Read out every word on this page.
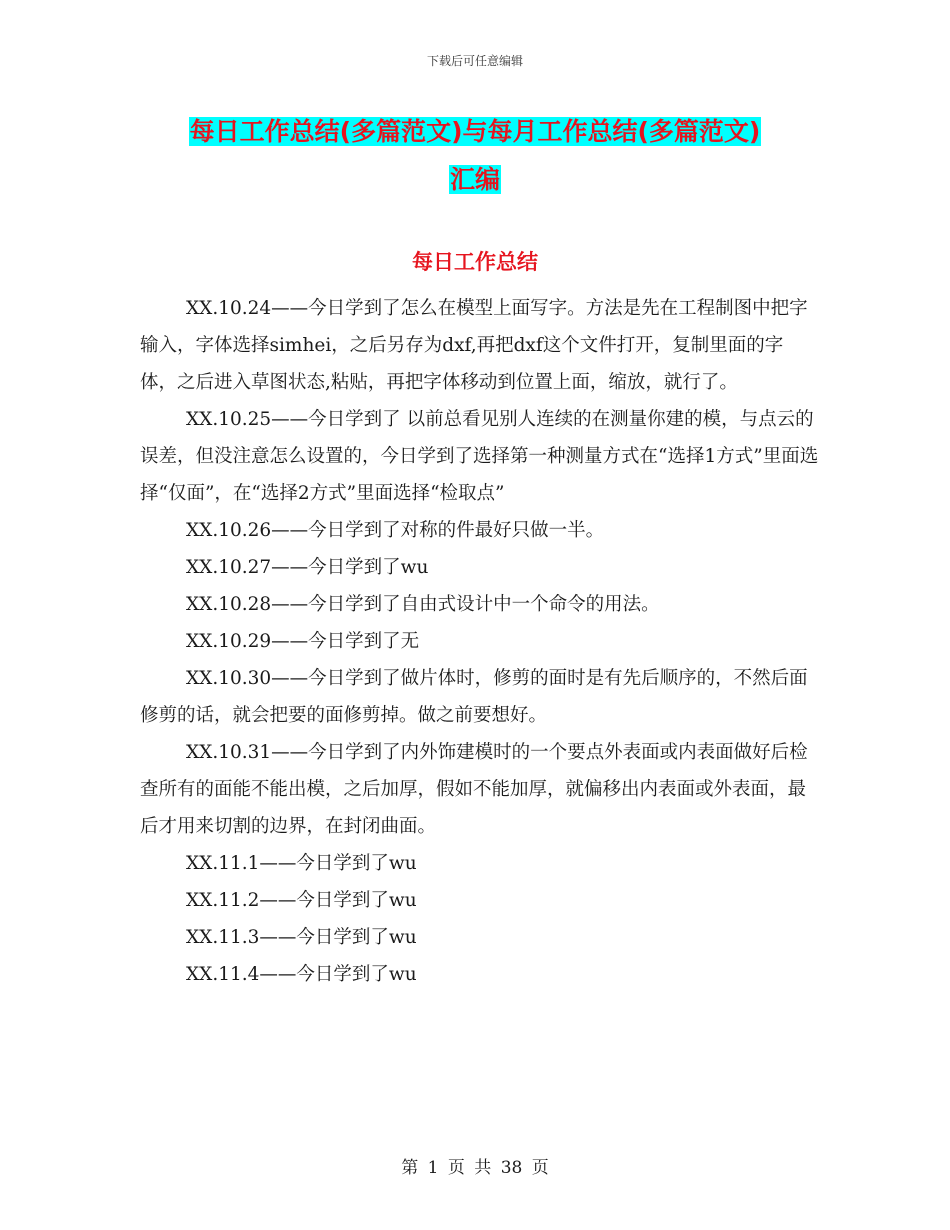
下载后可任意编辑
每日工作总结(多篇范文)与每月工作总结(多篇范文)
汇编
每日工作总结

XX.10.24——今日学到了怎么在模型上面写字。方法是先在工程制图中把字输入，字体选择simhei，之后另存为dxf,再把dxf这个文件打开，复制里面的字体，之后进入草图状态,粘贴，再把字体移动到位置上面，缩放，就行了。

XX.10.25——今日学到了 以前总看见别人连续的在测量你建的模，与点云的误差，但没注意怎么设置的，今日学到了选择第一种测量方式在“选择1方式”里面选择“仅面”，在“选择2方式”里面选择“检取点”

XX.10.26——今日学到了对称的件最好只做一半。

XX.10.27——今日学到了wu

XX.10.28——今日学到了自由式设计中一个命令的用法。

XX.10.29——今日学到了无

XX.10.30——今日学到了做片体时，修剪的面时是有先后顺序的，不然后面修剪的话，就会把要的面修剪掉。做之前要想好。

XX.10.31——今日学到了内外饰建模时的一个要点外表面或内表面做好后检查所有的面能不能出模，之后加厚，假如不能加厚，就偏移出内表面或外表面，最后才用来切割的边界，在封闭曲面。

XX.11.1——今日学到了wu

XX.11.2——今日学到了wu

XX.11.3——今日学到了wu

XX.11.4——今日学到了wu

第 1 页 共 38 页
